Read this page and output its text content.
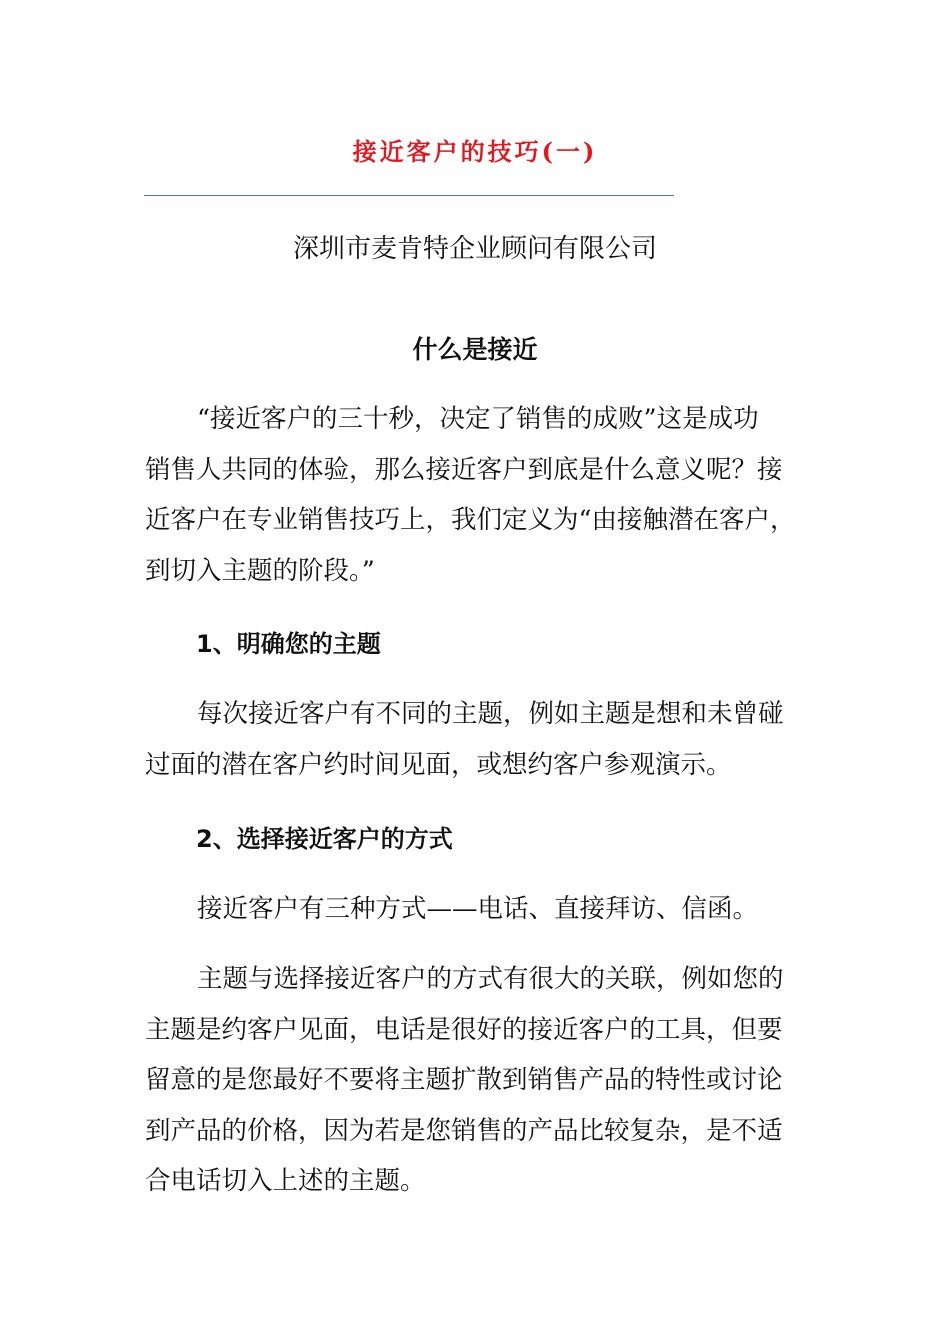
接近客户的技巧(一)
深圳市麦肯特企业顾问有限公司
什么是接近
“接近客户的三十秒，决定了销售的成败”这是成功
销售人共同的体验，那么接近客户到底是什么意义呢？接
近客户在专业销售技巧上，我们定义为“由接触潜在客户，
到切入主题的阶段。”
1、明确您的主题
每次接近客户有不同的主题，例如主题是想和未曾碰
过面的潜在客户约时间见面，或想约客户参观演示。
2、选择接近客户的方式
接近客户有三种方式——电话、直接拜访、信函。
主题与选择接近客户的方式有很大的关联，例如您的
主题是约客户见面，电话是很好的接近客户的工具，但要
留意的是您最好不要将主题扩散到销售产品的特性或讨论
到产品的价格，因为若是您销售的产品比较复杂，是不适
合电话切入上述的主题。
